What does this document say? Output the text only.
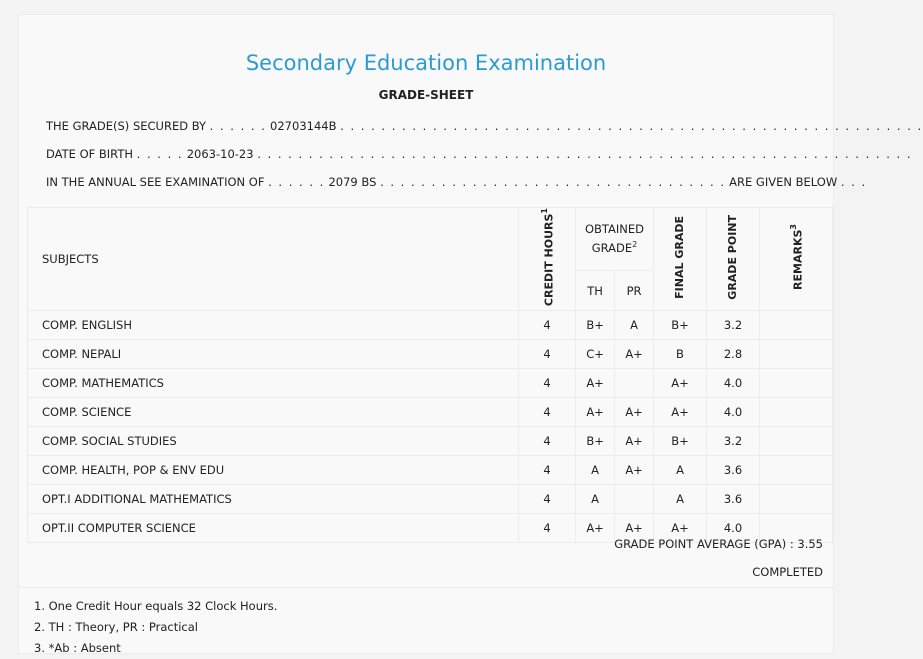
Secondary Education Examination
GRADE-SHEET
THE GRADE(S) SECURED BY . . . . . . 02703144B . . . . . . . . . . . . . . . . . . . . . . . . . . . . . . . . . . . . . . . . . . . . . . . . . . . . . . . . .
DATE OF BIRTH . . . . . 2063-10-23 . . . . . . . . . . . . . . . . . . . . . . . . . . . . . . . . . . . . . . . . . . . . . . . . . . . . . . . . . . . . . . . .
IN THE ANNUAL SEE EXAMINATION OF . . . . . . 2079 BS . . . . . . . . . . . . . . . . . . . . . . . . . . . . . . . . . . ARE GIVEN BELOW . . .
SUBJECTS	CREDIT HOURS$^1$	OBTAINED GRADE$^2$		FINAL GRADE	GRADE POINT	REMARKS$^3$
		TH	PR			
COMP. ENGLISH	4	B+	A	B+	3.2	
COMP. NEPALI	4	C+	A+	B	2.8	
COMP. MATHEMATICS	4	A+		A+	4.0	
COMP. SCIENCE	4	A+	A+	A+	4.0	
COMP. SOCIAL STUDIES	4	B+	A+	B+	3.2	
COMP. HEALTH, POP & ENV EDU	4	A	A+	A	3.6	
OPT.I ADDITIONAL MATHEMATICS	4	A		A	3.6	
OPT.II COMPUTER SCIENCE	4	A+	A+	A+	4.0	
GRADE POINT AVERAGE (GPA) : 3.55
COMPLETED
1. One Credit Hour equals 32 Clock Hours.
2. TH : Theory, PR : Practical
3. *Ab : Absent
